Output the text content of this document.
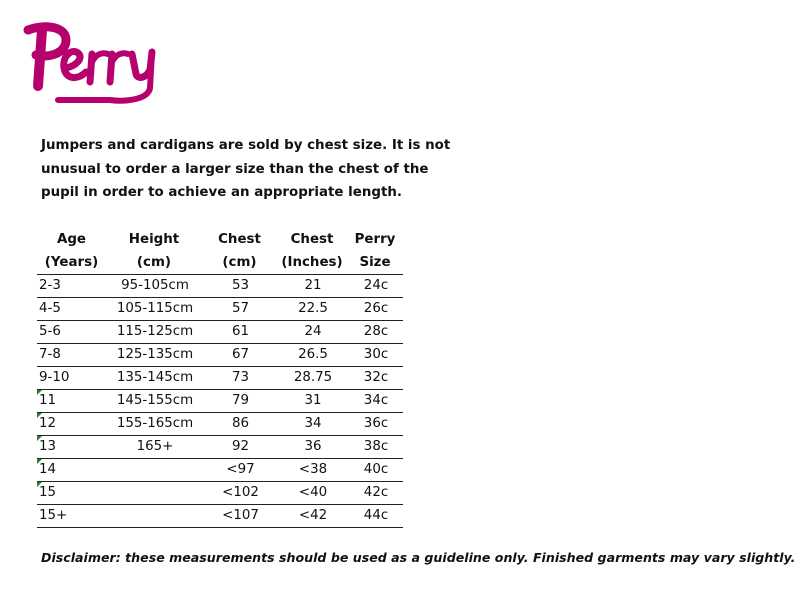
Jumpers and cardigans are sold by chest size. It is not unusual to order a larger size than the chest of the pupil in order to achieve an appropriate length.

Age	Height	Chest	Chest	Perry
(Years)	(cm)	(cm)	(Inches)	Size
2-3	95-105cm	53	21	24c
4-5	105-115cm	57	22.5	26c
5-6	115-125cm	61	24	28c
7-8	125-135cm	67	26.5	30c
9-10	135-145cm	73	28.75	32c

11	145-155cm	79	31	34c

12	155-165cm	86	34	36c

13	165+	92	36	38c

14		<97	<38	40c

15		<102	<40	42c
15+		<107	<42	44c

Disclaimer: these measurements should be used as a guideline only. Finished garments may vary slightly.
